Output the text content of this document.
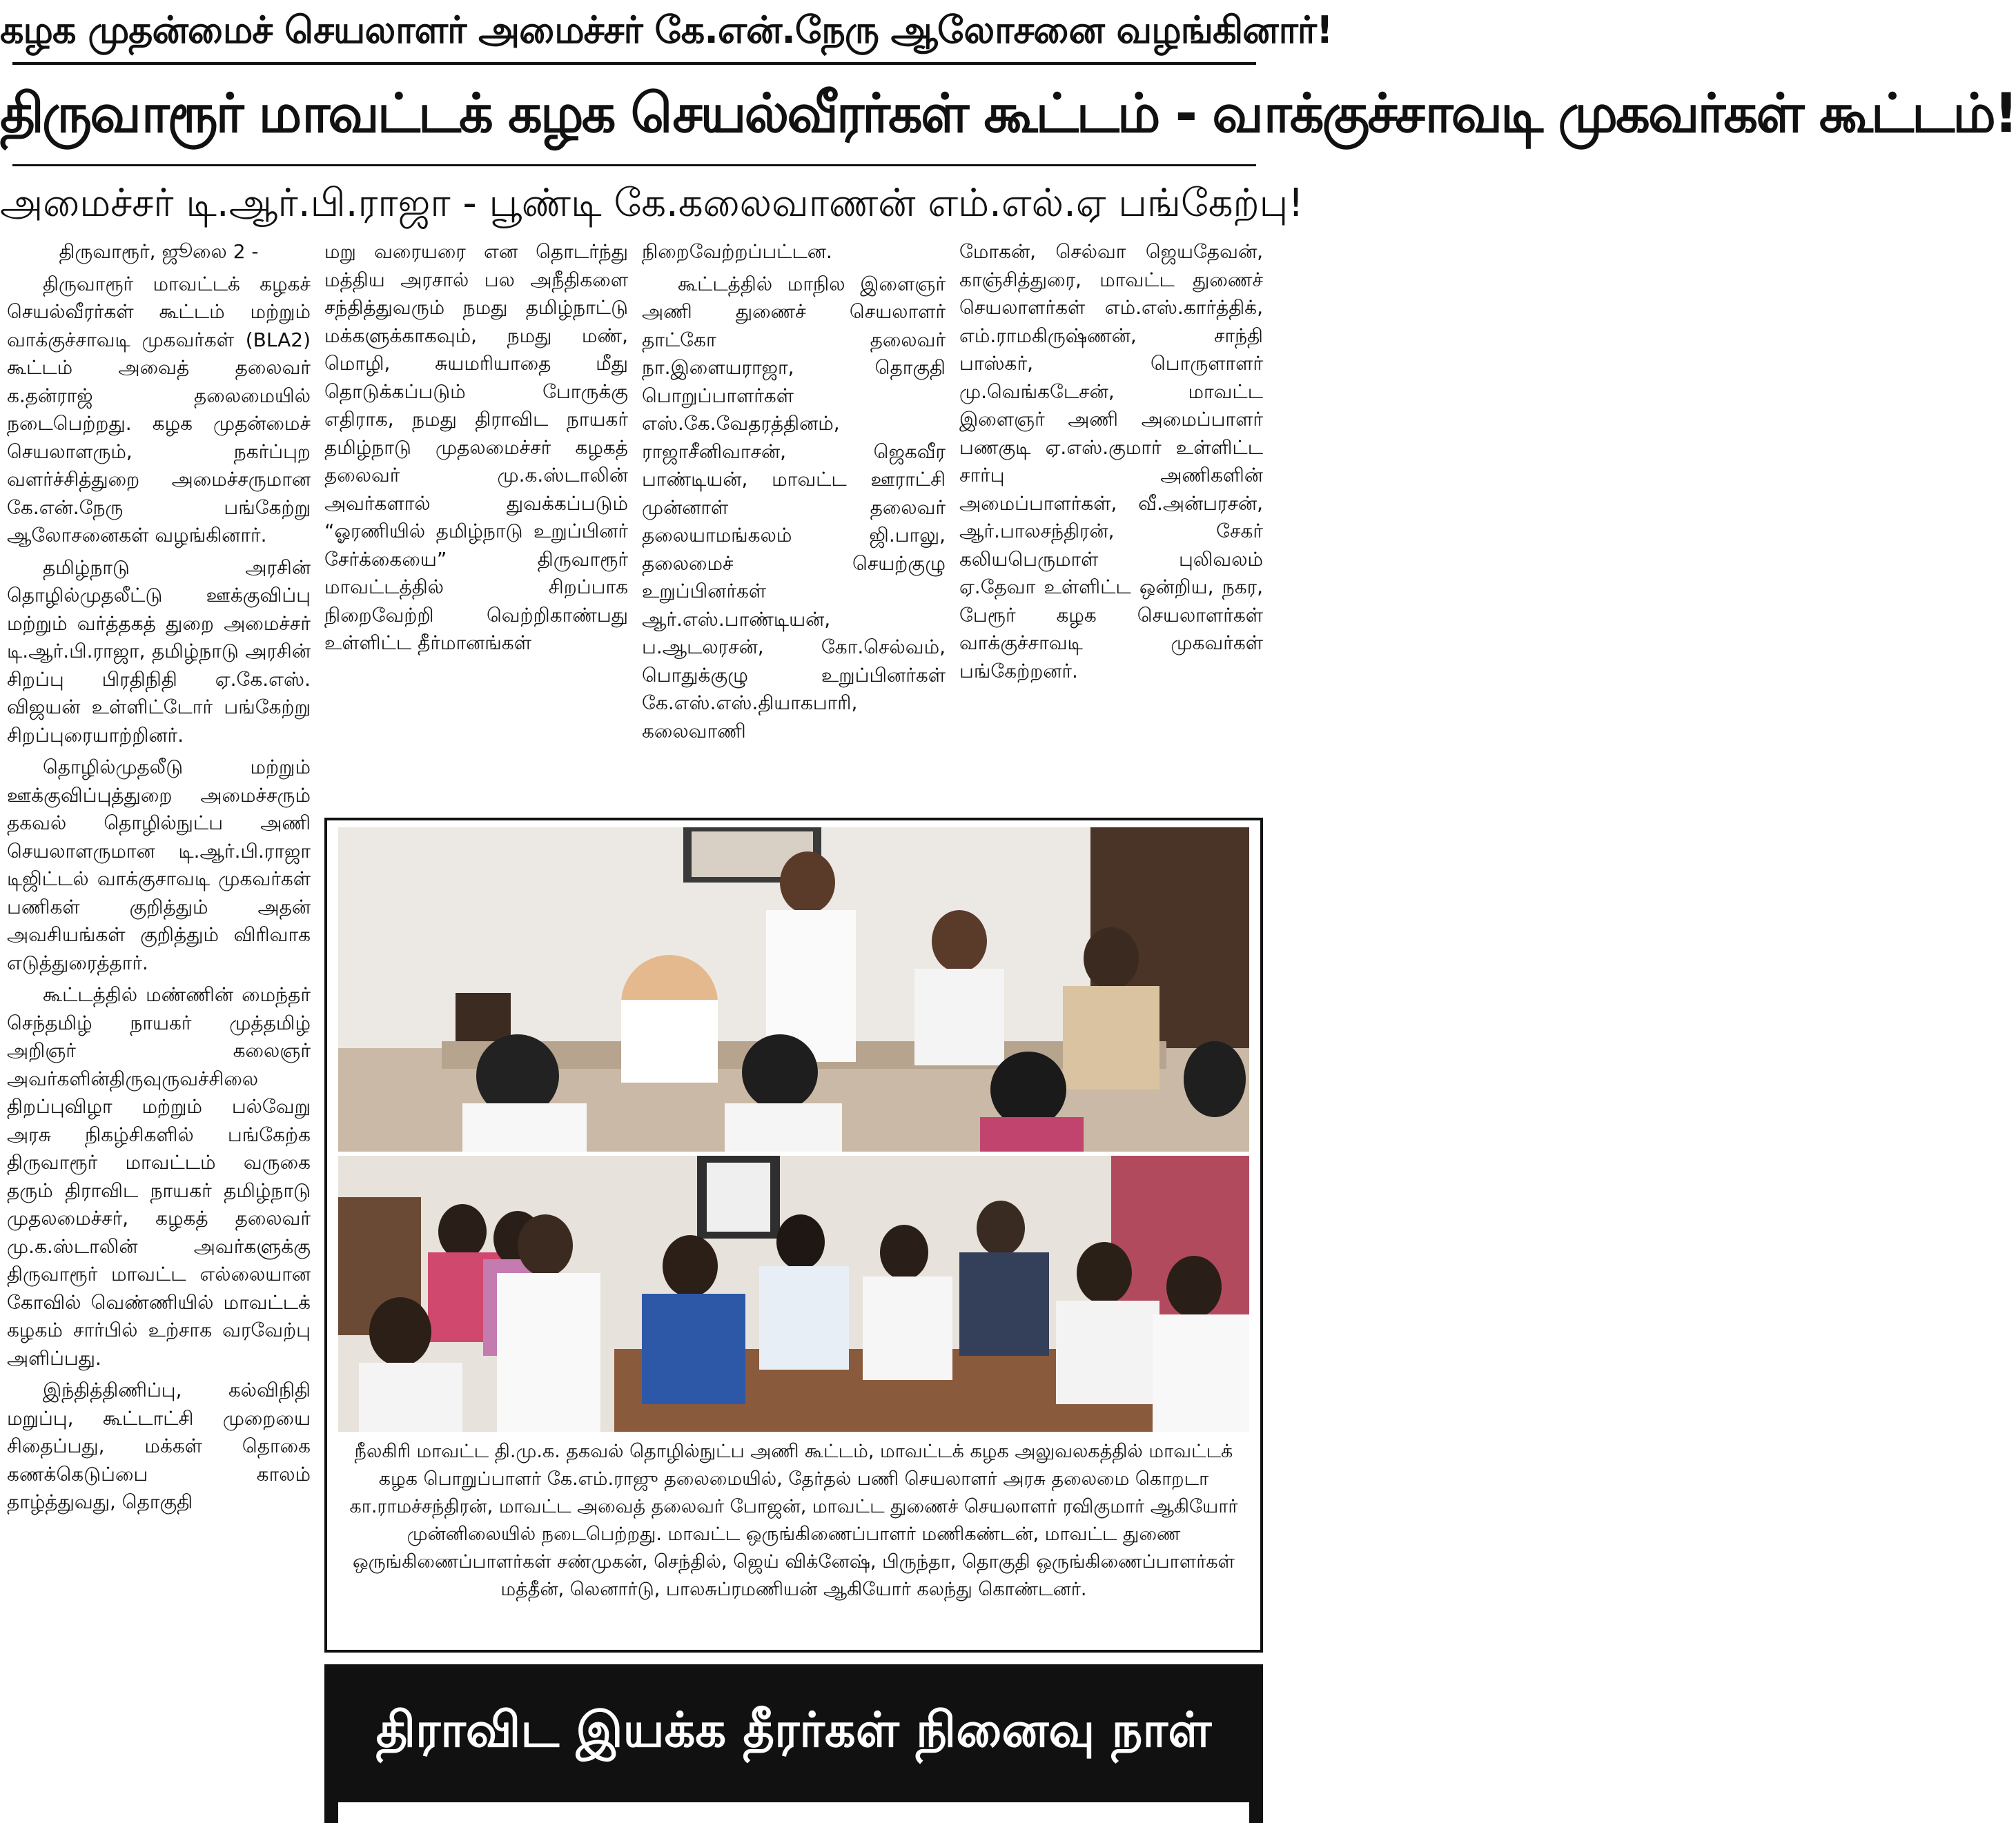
கழக முதன்மைச் செயலாளர் அமைச்சர் கே.என்.நேரு ஆலோசனை வழங்கினார்!
திருவாரூர் மாவட்டக் கழக செயல்வீரர்கள் கூட்டம் - வாக்குச்சாவடி முகவர்கள் கூட்டம்!
அமைச்சர் டி.ஆர்.பி.ராஜா - பூண்டி கே.கலைவாணன் எம்.எல்.ஏ பங்கேற்பு!

திருவாரூர், ஜூலை 2 -

திருவாரூர் மாவட்டக் கழகச் செயல்வீரர்கள் கூட்டம் மற்றும் வாக்குச்சாவடி முகவர்கள் (BLA2) கூட்டம் அவைத் தலைவர் க.தன்ராஜ் தலைமையில் நடைபெற்றது. கழக முதன்மைச் செயலாளரும், நகர்ப்புற வளர்ச்சித்துறை அமைச்சருமான கே.என்.நேரு பங்கேற்று ஆலோசனைகள் வழங்கினார்.

தமிழ்நாடு அரசின் தொழில்முதலீட்டு ஊக்குவிப்பு மற்றும் வர்த்தகத் துறை அமைச்சர் டி.ஆர்.பி.ராஜா, தமிழ்நாடு அரசின் சிறப்பு பிரதிநிதி ஏ.கே.எஸ். விஜயன் உள்ளிட்டோர் பங்கேற்று சிறப்புரையாற்றினர்.

தொழில்முதலீடு மற்றும் ஊக்குவிப்புத்துறை அமைச்சரும் தகவல் தொழில்நுட்ப அணி செயலாளருமான டி.ஆர்.பி.ராஜா டிஜிட்டல் வாக்குசாவடி முகவர்கள் பணிகள் குறித்தும் அதன் அவசியங்கள் குறித்தும் விரிவாக எடுத்துரைத்தார்.

கூட்டத்தில் மண்ணின் மைந்தர் செந்தமிழ் நாயகர் முத்தமிழ் அறிஞர் கலைஞர் அவர்களின்திருவுருவச்சிலை திறப்புவிழா மற்றும் பல்வேறு அரசு நிகழ்சிகளில் பங்கேற்க திருவாரூர் மாவட்டம் வருகை தரும் திராவிட நாயகர் தமிழ்நாடு முதலமைச்சர், கழகத் தலைவர் மு.க.ஸ்டாலின் அவர்களுக்கு திருவாரூர் மாவட்ட எல்லையான கோவில் வெண்ணியில் மாவட்டக் கழகம் சார்பில் உற்சாக வரவேற்பு அளிப்பது.

இந்தித்திணிப்பு, கல்விநிதி மறுப்பு, கூட்டாட்சி முறையை சிதைப்பது, மக்கள் தொகை கணக்கெடுப்பை காலம் தாழ்த்துவது, தொகுதி

மறு வரையரை என தொடர்ந்து மத்திய அரசால் பல அநீதிகளை சந்தித்துவரும் நமது தமிழ்நாட்டு மக்களுக்காகவும், நமது மண், மொழி, சுயமரியாதை மீது தொடுக்கப்படும் போருக்கு எதிராக, நமது திராவிட நாயகர் தமிழ்நாடு முதலமைச்சர் கழகத் தலைவர் மு.க.ஸ்டாலின் அவர்களால் துவக்கப்படும் “ஓரணியில் தமிழ்நாடு உறுப்பினர் சேர்க்கையை” திருவாரூர் மாவட்டத்தில் சிறப்பாக நிறைவேற்றி வெற்றிகாண்பது உள்ளிட்ட தீர்மானங்கள்

நிறைவேற்றப்பட்டன.

கூட்டத்தில் மாநில இளைஞர் அணி துணைச் செயலாளர் தாட்கோ தலைவர் நா.இளையராஜா, தொகுதி பொறுப்பாளர்கள் எஸ்.கே.வேதரத்தினம், ராஜாசீனிவாசன், ஜெகவீர பாண்டியன், மாவட்ட ஊராட்சி முன்னாள் தலைவர் தலையாமங்கலம் ஜி.பாலு, தலைமைச் செயற்குழு உறுப்பினர்கள் ஆர்.எஸ்.பாண்டியன், ப.ஆடலரசன், கோ.செல்வம், பொதுக்குழு உறுப்பினர்கள் கே.எஸ்.எஸ்.தியாகபாரி, கலைவாணி

மோகன், செல்வா ஜெயதேவன், காஞ்சித்துரை, மாவட்ட துணைச் செயலாளர்கள் எம்.எஸ்.கார்த்திக், எம்.ராமகிருஷ்ணன், சாந்தி பாஸ்கர், பொருளாளர் மு.வெங்கடேசன், மாவட்ட இளைஞர் அணி அமைப்பாளர் பணகுடி ஏ.எஸ்.குமார் உள்ளிட்ட சார்பு அணிகளின் அமைப்பாளர்கள், வீ.அன்பரசன், ஆர்.பாலசந்திரன், சேகர் கலியபெருமாள் புலிவலம் ஏ.தேவா உள்ளிட்ட ஒன்றிய, நகர, பேரூர் கழக செயலாளர்கள் வாக்குச்சாவடி முகவர்கள் பங்கேற்றனர்.

நீலகிரி மாவட்ட தி.மு.க. தகவல் தொழில்நுட்ப அணி கூட்டம், மாவட்டக் கழக அலுவலகத்தில் மாவட்டக் கழக பொறுப்பாளர் கே.எம்.ராஜு தலைமையில், தேர்தல் பணி செயலாளர் அரசு தலைமை கொறடா கா.ராமச்சந்திரன், மாவட்ட அவைத் தலைவர் போஜன், மாவட்ட துணைச் செயலாளர் ரவிகுமார் ஆகியோர் முன்னிலையில் நடைபெற்றது. மாவட்ட ஒருங்கிணைப்பாளர் மணிகண்டன், மாவட்ட துணை ஒருங்கிணைப்பாளர்கள் சண்முகன், செந்தில், ஜெய் விக்னேஷ், பிருந்தா, தொகுதி ஒருங்கிணைப்பாளர்கள் மத்தீன், லெனார்டு, பாலசுப்ரமணியன் ஆகியோர் கலந்து கொண்டனர்.
திராவிட இயக்க தீரர்கள் நினைவு நாள்
